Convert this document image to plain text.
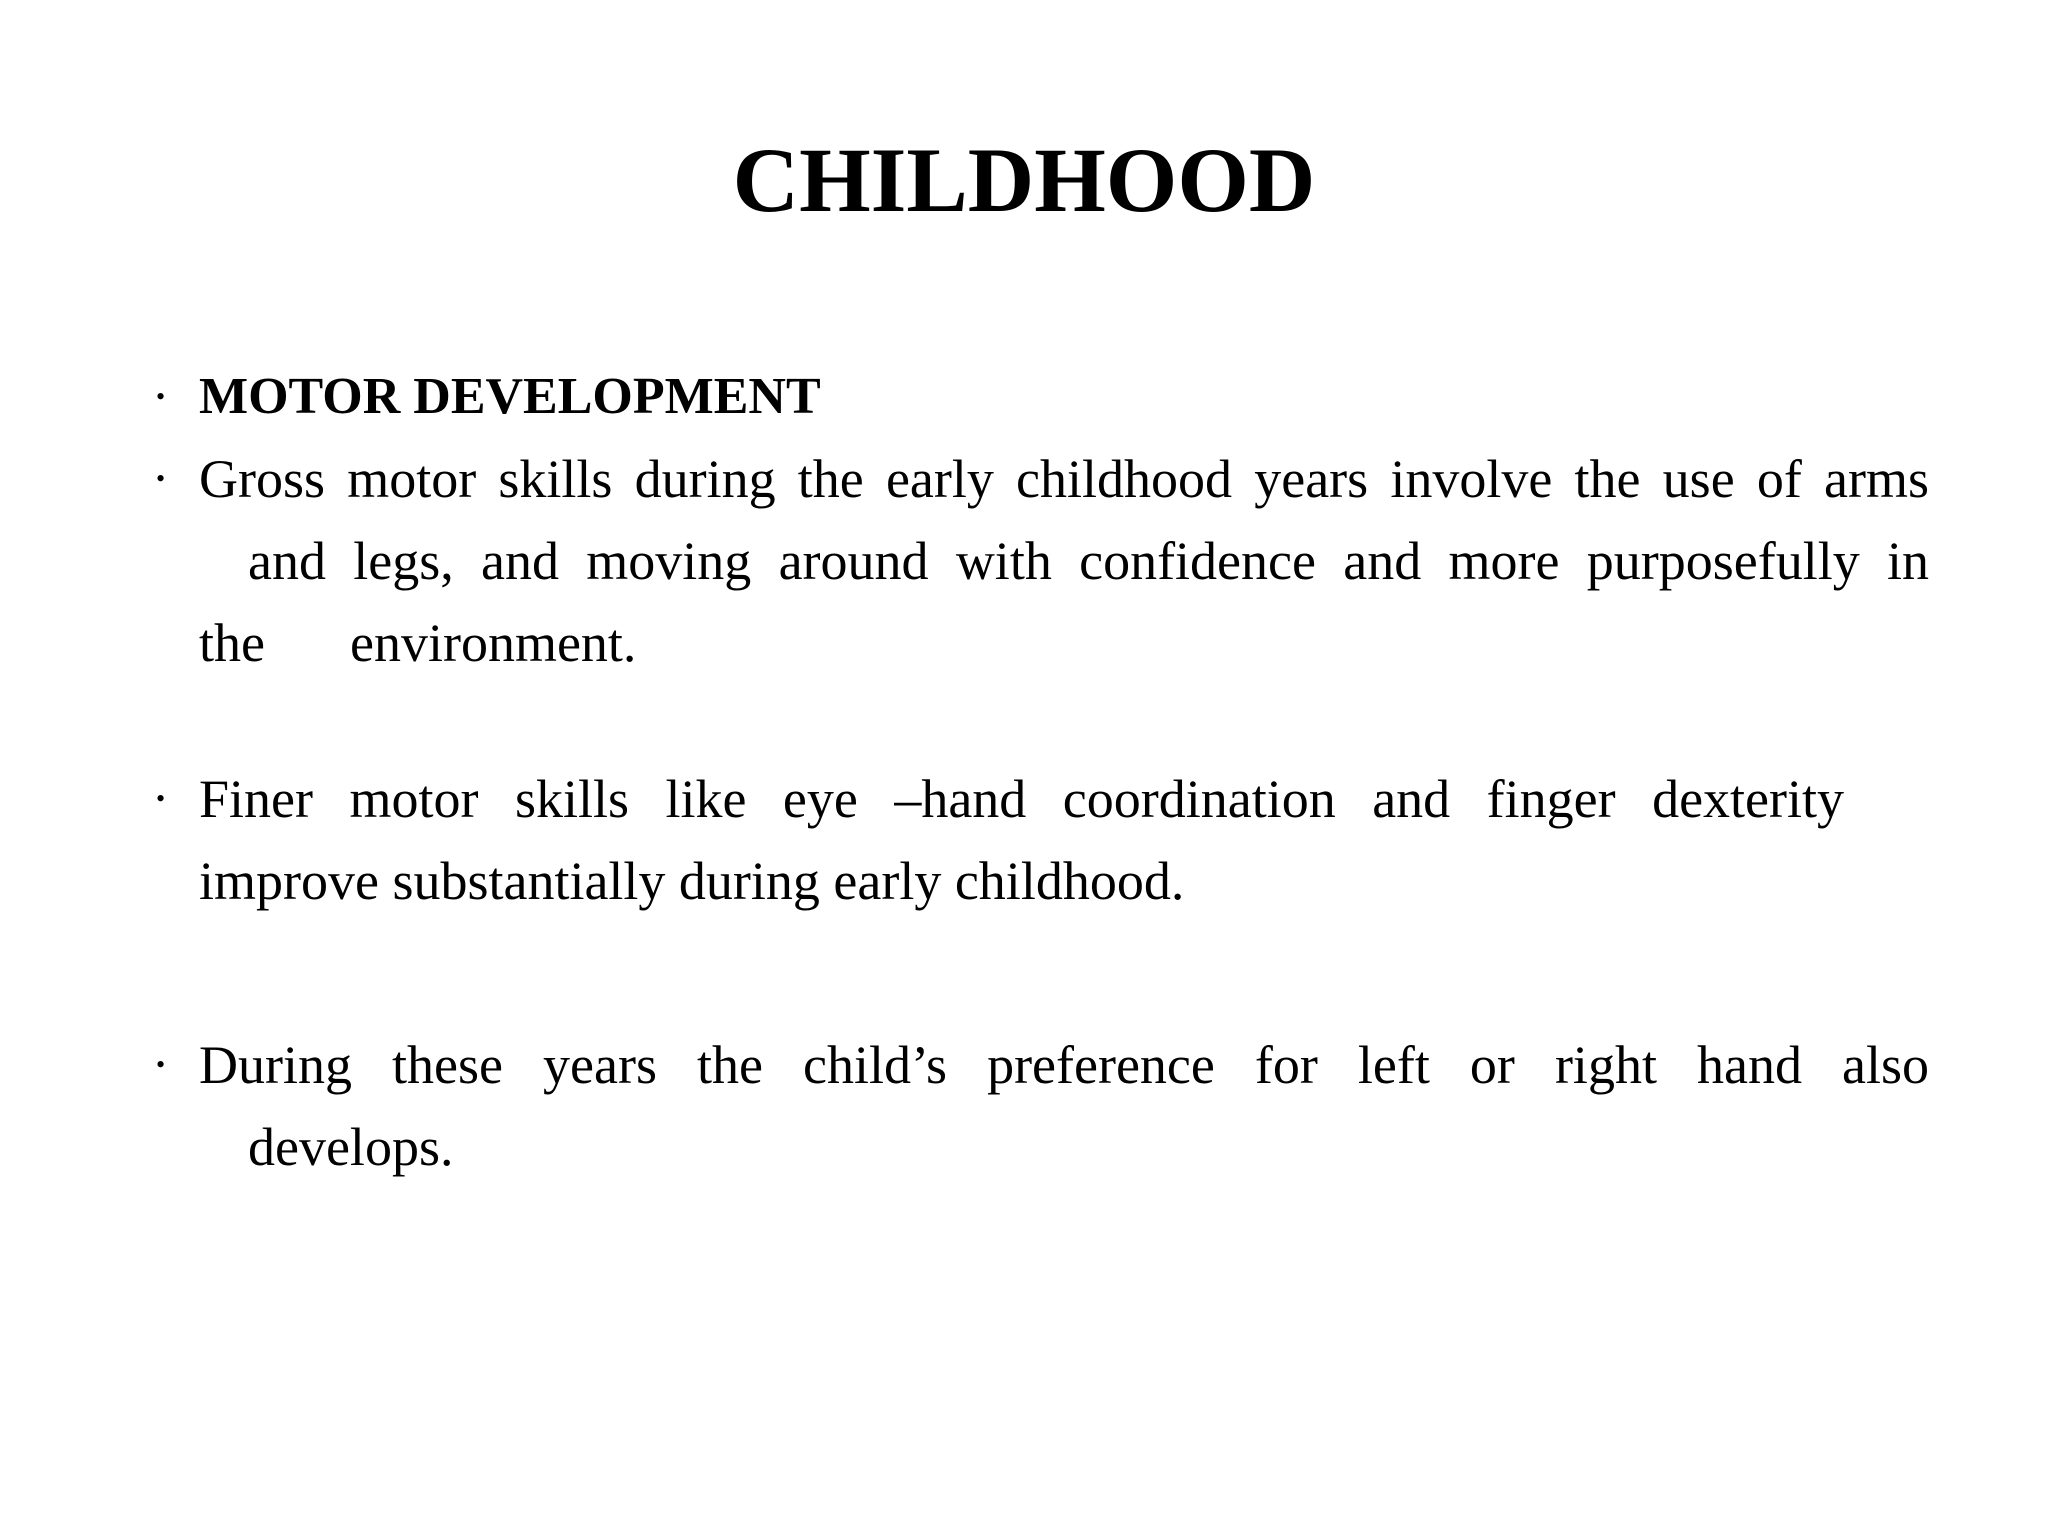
CHILDHOOD
• MOTOR DEVELOPMENT
• Gross motor skills during the early childhood years involve the use of arms
and legs, and moving around with confidence and more purposefully in
the environment.
• Finer motor skills like eye –hand coordination and finger dexterity
improve substantially during early childhood.
• During these years the child’s preference for left or right hand also
develops.
